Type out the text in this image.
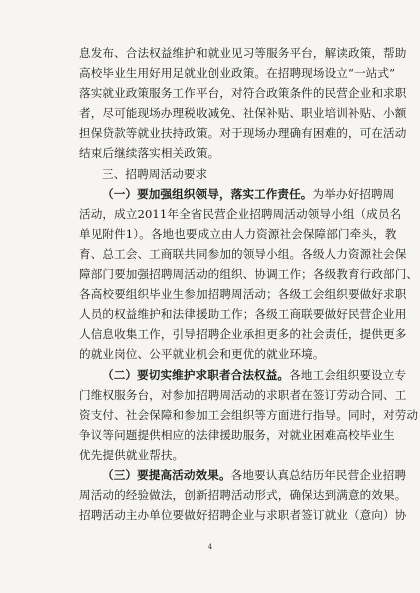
息发布、合法权益维护和就业见习等服务平台，解读政策，帮助
高校毕业生用好用足就业创业政策。在招聘现场设立“一站式”
落实就业政策服务工作平台，对符合政策条件的民营企业和求职
者，尽可能现场办理税收减免、社保补贴、职业培训补贴、小额
担保贷款等就业扶持政策。对于现场办理确有困难的，可在活动
结束后继续落实相关政策。
三、招聘周活动要求
（一）要加强组织领导，落实工作责任。为举办好招聘周
活动，成立2011年全省民营企业招聘周活动领导小组（成员名
单见附件1）。各地也要成立由人力资源社会保障部门牵头，教
育、总工会、工商联共同参加的领导小组。各级人力资源社会保
障部门要加强招聘周活动的组织、协调工作；各级教育行政部门、
各高校要组织毕业生参加招聘周活动；各级工会组织要做好求职
人员的权益维护和法律援助工作；各级工商联要做好民营企业用
人信息收集工作，引导招聘企业承担更多的社会责任，提供更多
的就业岗位、公平就业机会和更优的就业环境。
（二）要切实维护求职者合法权益。各地工会组织要设立专
门维权服务台，对参加招聘周活动的求职者在签订劳动合同、工
资支付、社会保障和参加工会组织等方面进行指导。同时，对劳动
争议等问题提供相应的法律援助服务，对就业困难高校毕业生
优先提供就业帮扶。
（三）要提高活动效果。各地要认真总结历年民营企业招聘
周活动的经验做法，创新招聘活动形式，确保达到满意的效果。
招聘活动主办单位要做好招聘企业与求职者签订就业（意向）协
4
